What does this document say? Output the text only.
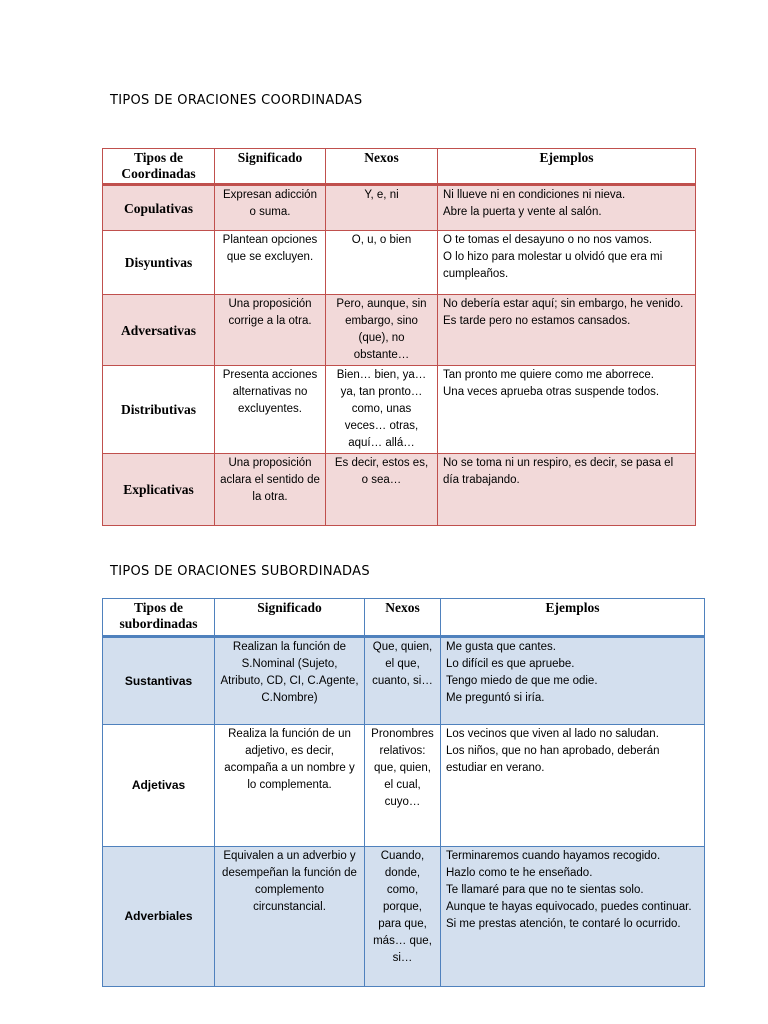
TIPOS DE ORACIONES COORDINADAS
Tipos de Coordinadas	Significado	Nexos	Ejemplos
Copulativas	Expresan adicción o suma.	Y, e, ni	Ni llueve ni en condiciones ni nieva.
Abre la puerta y vente al salón.

Disyuntivas	Plantean opciones que se excluyen.	O, u, o bien	O te tomas el desayuno o no nos vamos.
O lo hizo para molestar u olvidó que era mi cumpleaños.

Adversativas	Una proposición corrige a la otra.	Pero, aunque, sin embargo, sino (que), no obstante…	No debería estar aquí; sin embargo, he venido.
Es tarde pero no estamos cansados.

Distributivas	Presenta acciones alternativas no excluyentes.	Bien… bien, ya… ya, tan pronto… como, unas veces… otras, aquí… allá…	Tan pronto me quiere como me aborrece.
Una veces aprueba otras suspende todos.

Explicativas	Una proposición aclara el sentido de la otra.	Es decir, estos es, o sea…	No se toma ni un respiro, es decir, se pasa el día trabajando.
TIPOS DE ORACIONES SUBORDINADAS
Tipos de subordinadas	Significado	Nexos	Ejemplos
Sustantivas	Realizan la función de S.Nominal (Sujeto, Atributo, CD, CI, C.Agente, C.Nombre)	Que, quien, el que, cuanto, si…	Me gusta que cantes.
Lo difícil es que apruebe.
Tengo miedo de que me odie.
Me preguntó si iría.

Adjetivas	Realiza la función de un adjetivo, es decir, acompaña a un nombre y lo complementa.	Pronombres relativos: que, quien, el cual, cuyo…	Los vecinos que viven al lado no saludan.
Los niños, que no han aprobado, deberán estudiar en verano.

Adverbiales	Equivalen a un adverbio y desempeñan la función de complemento circunstancial.	Cuando, donde, como, porque, para que, más… que, si…	Terminaremos cuando hayamos recogido.
Hazlo como te he enseñado.
Te llamaré para que no te sientas solo.
Aunque te hayas equivocado, puedes continuar.
Si me prestas atención, te contaré lo ocurrido.
